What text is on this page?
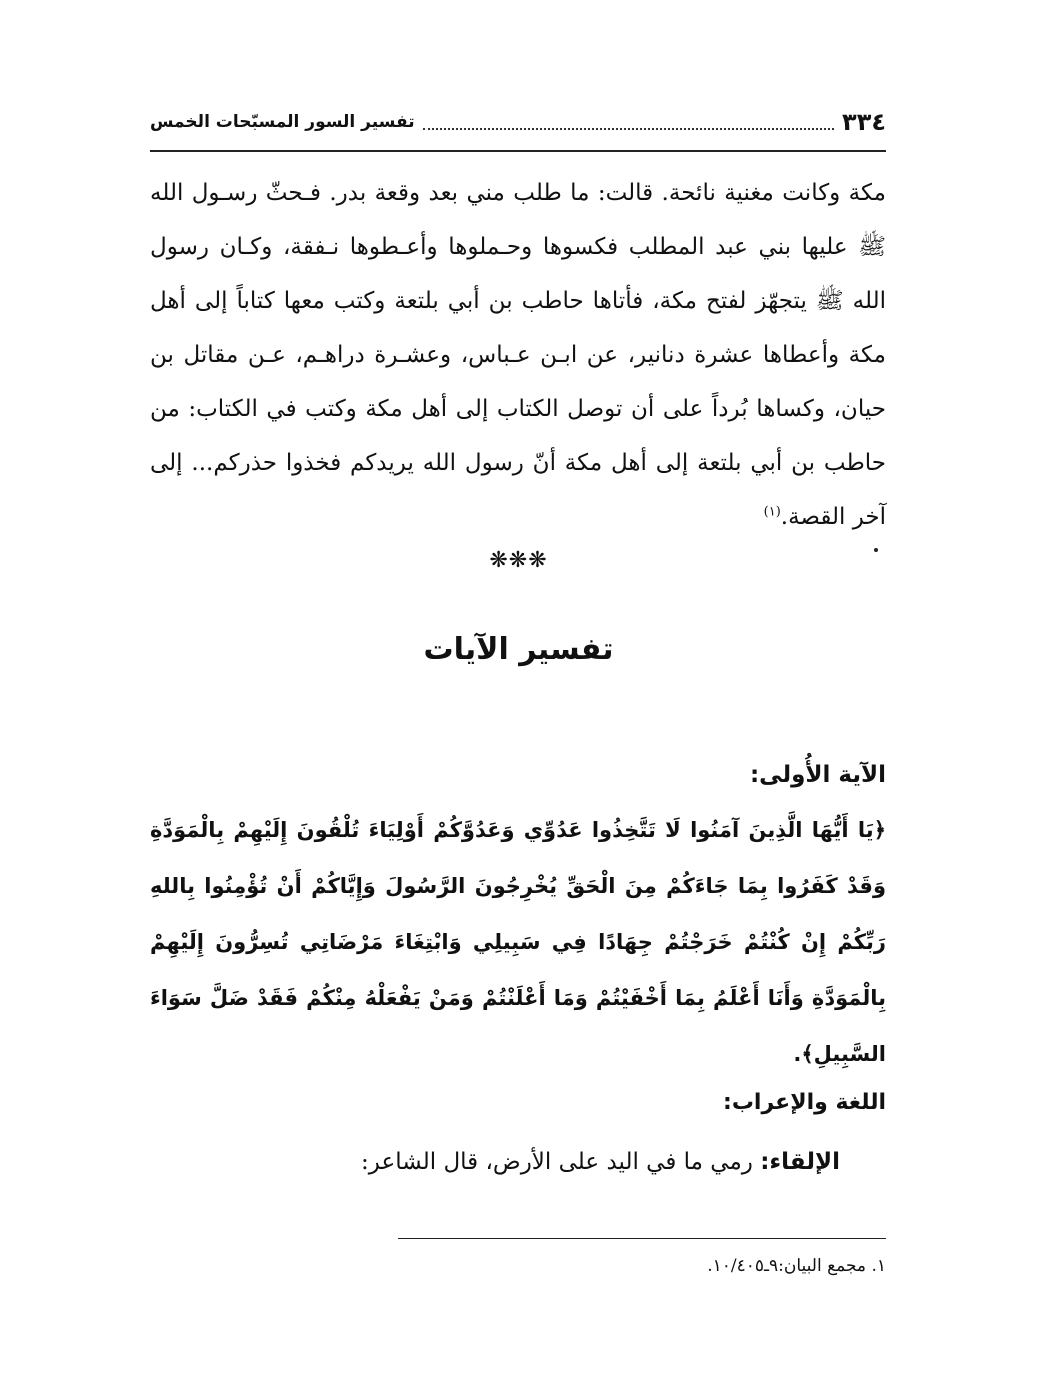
٣٣٤
تفسير السور المسبّحات الخمس
مكة وكانت مغنية نائحة. قالت: ما طلب مني بعد وقعة بدر. فـحثّ رسـول الله ﷺ عليها بني عبد المطلب فكسوها وحـملوها وأعـطوها نـفقة، وكـان رسول الله ﷺ يتجهّز لفتح مكة، فأتاها حاطب بن أبي بلتعة وكتب معها كتاباً إلى أهل مكة وأعطاها عشرة دنانير، عن ابـن عـباس، وعشـرة دراهـم، عـن مقاتل بن حيان، وكساها بُرداً على أن توصل الكتاب إلى أهل مكة وكتب في الكتاب: من حاطب بن أبي بلتعة إلى أهل مكة أنّ رسول الله يريدكم فخذوا حذركم... إلى آخر القصة.$^{(١)}$
❋❋❋
تفسير الآيات
الآية الأُولى:
﴿يَا أَيُّهَا الَّذِينَ آمَنُوا لَا تَتَّخِذُوا عَدُوِّي وَعَدُوَّكُمْ أَوْلِيَاءَ تُلْقُونَ إِلَيْهِمْ بِالْمَوَدَّةِ وَقَدْ كَفَرُوا بِمَا جَاءَكُمْ مِنَ الْحَقِّ يُخْرِجُونَ الرَّسُولَ وَإِيَّاكُمْ أَنْ تُؤْمِنُوا بِاللهِ رَبِّكُمْ إِنْ كُنْتُمْ خَرَجْتُمْ جِهَادًا فِي سَبِيلِي وَابْتِغَاءَ مَرْضَاتِي تُسِرُّونَ إِلَيْهِمْ بِالْمَوَدَّةِ وَأَنَا أَعْلَمُ بِمَا أَخْفَيْتُمْ وَمَا أَعْلَنْتُمْ وَمَنْ يَفْعَلْهُ مِنْكُمْ فَقَدْ ضَلَّ سَوَاءَ السَّبِيلِ﴾.
اللغة والإعراب:
الإلقاء: رمي ما في اليد على الأرض، قال الشاعر:
١. مجمع البيان:٩ـ١٠/٤٠٥.
